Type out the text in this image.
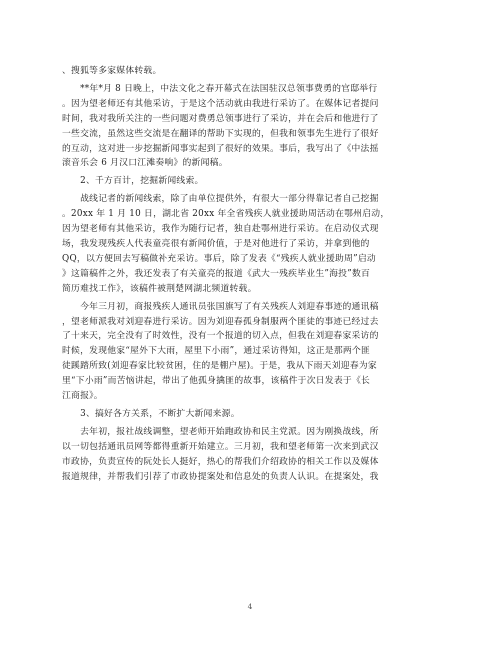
、搜狐等多家媒体转载。
　　**年*月 8 日晚上，中法文化之春开幕式在法国驻汉总领事费勇的官邸举行
。因为望老师还有其他采访，于是这个活动就由我进行采访了。在媒体记者提问
时间，我对我所关注的一些问题对费勇总领事进行了采访，并在会后和他进行了
一些交流，虽然这些交流是在翻译的帮助下实现的，但我和领事先生进行了很好
的互动，这对进一步挖掘新闻事实起到了很好的效果。事后，我写出了《中法摇
滚音乐会 6 月汉口江滩奏响》的新闻稿。
　　2、千方百计，挖掘新闻线索。
　　战线记者的新闻线索，除了由单位提供外，有很大一部分得靠记者自己挖掘
。20xx 年 1 月 10 日，湖北省 20xx 年全省残疾人就业援助周活动在鄂州启动，
因为望老师有其他采访，我作为随行记者，独自赴鄂州进行采访。在启动仪式现
场，我发现残疾人代表童亮很有新闻价值，于是对他进行了采访，并拿到他的
QQ，以方便回去写稿做补充采访。事后，除了发表《“残疾人就业援助周”启动
》这篇稿件之外，我还发表了有关童亮的报道《武大一残疾毕业生”海投”数百
简历难找工作》，该稿件被荆楚网湖北频道转载。
　　今年三月初，商报残疾人通讯员张国旗写了有关残疾人刘迎春事迹的通讯稿
，望老师派我对刘迎春进行采访。因为刘迎春孤身制服两个匪徒的事迹已经过去
了十来天，完全没有了时效性，没有一个报道的切入点，但我在刘迎春家采访的
时候，发现他家“屋外下大雨，屋里下小雨”，通过采访得知，这正是那两个匪
徒蹊踏所致(刘迎春家比较贫困，住的是棚户屋)。于是，我从下雨天刘迎春为家
里“下小雨”而苦恼讲起，带出了他孤身擒匪的故事，该稿件于次日发表于《长
江商报》。
　　3、搞好各方关系，不断扩大新闻来源。
　　去年初，报社战线调整，望老师开始跑政协和民主党派。因为刚换战线，所
以一切包括通讯员网等都得重新开始建立。三月初，我和望老师第一次来到武汉
市政协，负责宣传的阮处长人挺好，热心的帮我们介绍政协的相关工作以及媒体
报道规律，并帮我们引荐了市政协提案处和信息处的负责人认识。在提案处，我
4
